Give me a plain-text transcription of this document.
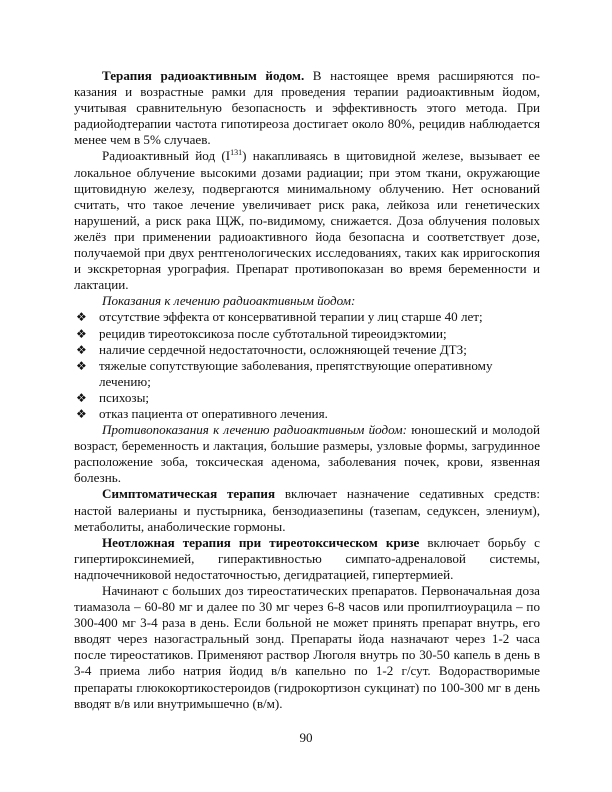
Терапия радиоактивным йодом. В настоящее время расширяются показания и возрастные рамки для проведения терапии радиоактивным йодом, учитывая сравнительную безопасность и эффективность этого метода. При радиойодтерапии частота гипотиреоза достигает около 80%, рецидив наблюдается менее чем в 5% случаев.

Радиоактивный йод $(I^{131})$ накапливаясь в щитовидной железе, вызывает ее локальное облучение высокими дозами радиации; при этом ткани, окружающие щитовидную железу, подвергаются минимальному облучению. Нет оснований считать, что такое лечение увеличивает риск рака, лейкоза или генетических нарушений, а риск рака ЩЖ, по-видимому, снижается. Доза облучения половых желёз при применении радиоактивного йода безопасна и соответствует дозе, получаемой при двух рентгенологических исследованиях, таких как ирригоскопия и экскреторная урография. Препарат противопоказан во время беременности и лактации.

Показания к лечению радиоактивным йодом:

❖ отсутствие эффекта от консервативной терапии у лиц старше 40 лет;
❖ рецидив тиреотоксикоза после субтотальной тиреоидэктомии;
❖ наличие сердечной недостаточности, осложняющей течение ДТЗ;
❖ тяжелые сопутствующие заболевания, препятствующие оперативному лечению;
❖ психозы;
❖ отказ пациента от оперативного лечения.

Противопоказания к лечению радиоактивным йодом: юношеский и молодой возраст, беременность и лактация, большие размеры, узловые формы, загрудинное расположение зоба, токсическая аденома, заболевания почек, крови, язвенная болезнь.

Симптоматическая терапия включает назначение седативных средств: настой валерианы и пустырника, бензодиазепины (тазепам, седуксен, элениум), метаболиты, анаболические гормоны.

Неотложная терапия при тиреотоксическом кризе включает борьбу с гипертироксинемией, гиперактивностью симпато-адреналовой системы, надпочечниковой недостаточностью, дегидратацией, гипертермией.

Начинают с больших доз тиреостатических препаратов. Первоначальная доза тиамазола – 60-80 мг и далее по 30 мг через 6-8 часов или пропилтиоурацила – по 300-400 мг 3-4 раза в день. Если больной не может принять препарат внутрь, его вводят через назогастральный зонд. Препараты йода назначают через 1-2 часа после тиреостатиков. Применяют раствор Люголя внутрь по 30-50 капель в день в 3-4 приема либо натрия йодид в/в капельно по 1-2 г/сут. Водорастворимые препараты глюкокортикостероидов (гидрокортизон сукцинат) по 100-300 мг в день вводят в/в или внутримышечно (в/м).

90
